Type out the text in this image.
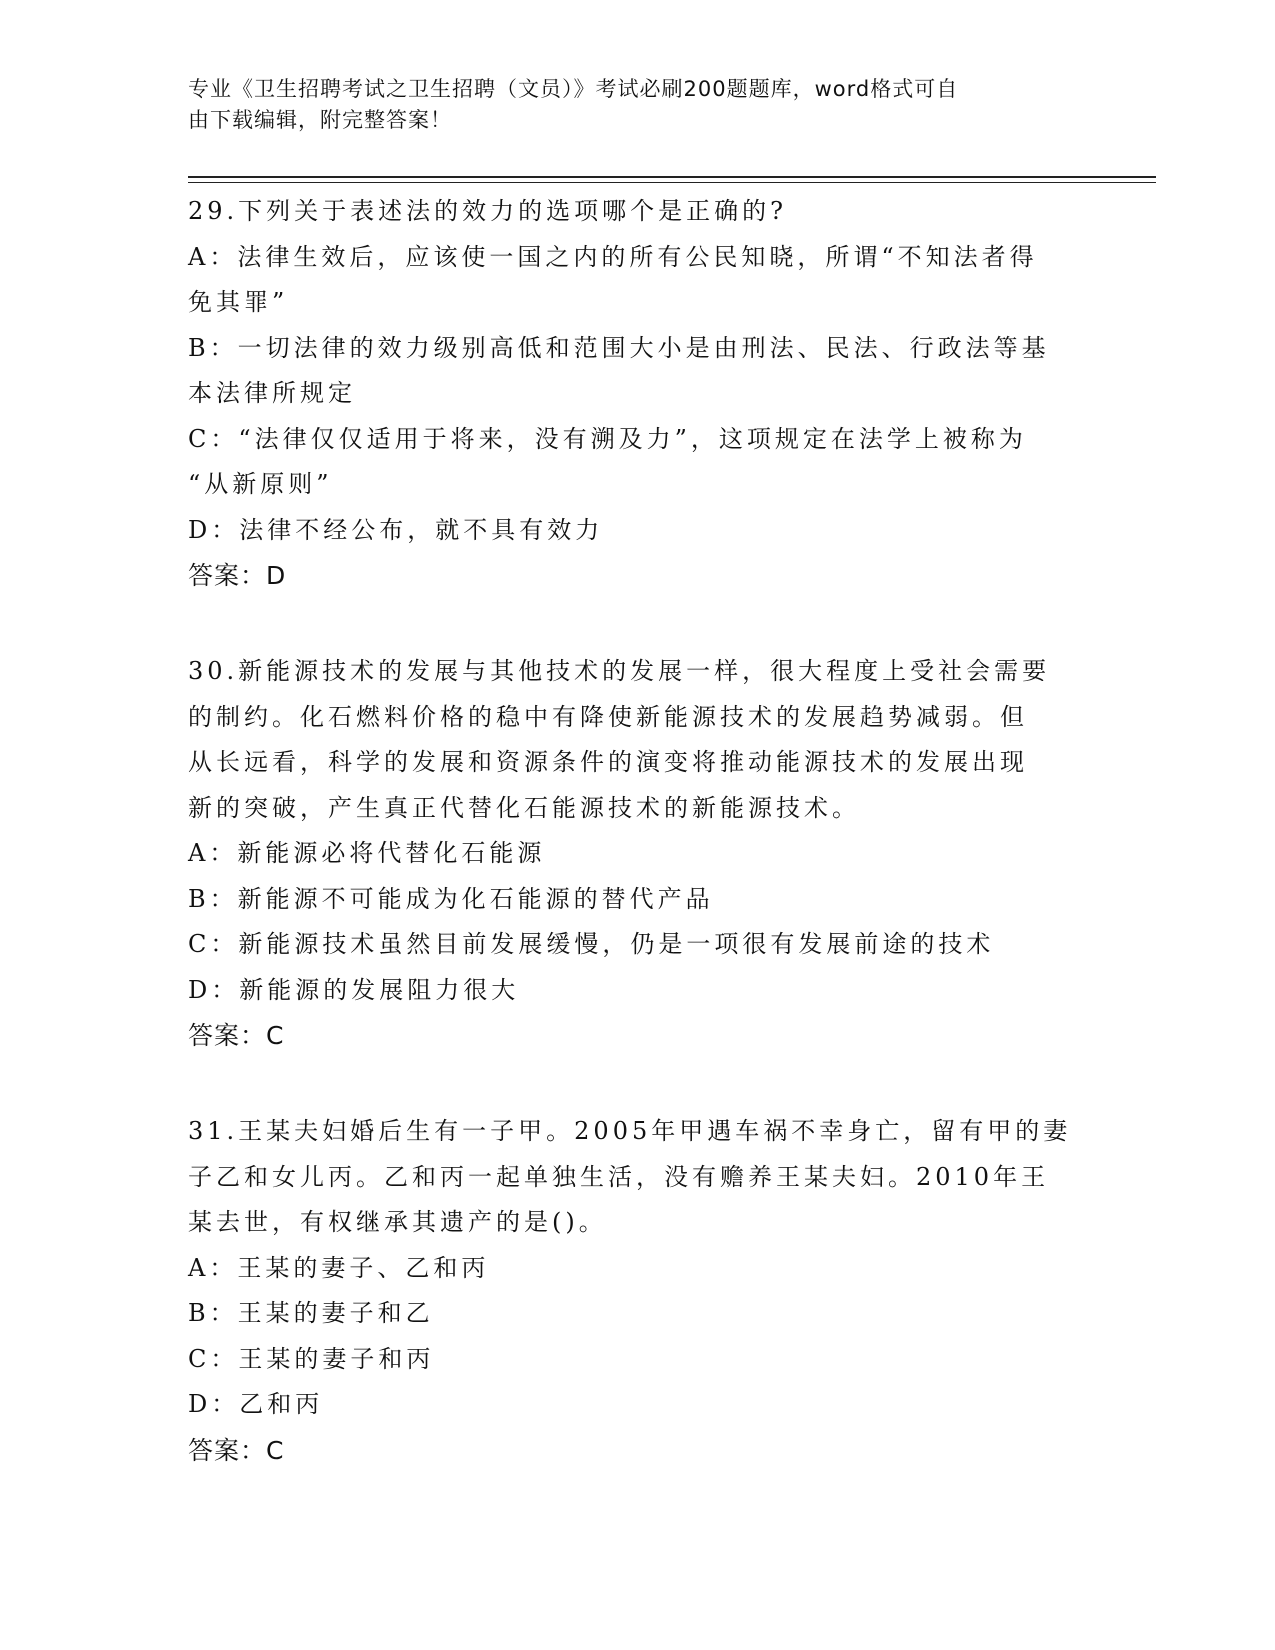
专业《卫生招聘考试之卫生招聘（文员）》考试必刷200题题库，word格式可自
由下载编辑，附完整答案！

29.下列关于表述法的效力的选项哪个是正确的?

A：法律生效后，应该使一国之内的所有公民知晓，所谓“不知法者得

免其罪”

B：一切法律的效力级别高低和范围大小是由刑法、民法、行政法等基

本法律所规定

C：“法律仅仅适用于将来，没有溯及力”，这项规定在法学上被称为

“从新原则”

D：法律不经公布，就不具有效力

答案：D

30.新能源技术的发展与其他技术的发展一样，很大程度上受社会需要

的制约。化石燃料价格的稳中有降使新能源技术的发展趋势减弱。但

从长远看，科学的发展和资源条件的演变将推动能源技术的发展出现

新的突破，产生真正代替化石能源技术的新能源技术。

A：新能源必将代替化石能源

B：新能源不可能成为化石能源的替代产品

C：新能源技术虽然目前发展缓慢，仍是一项很有发展前途的技术

D：新能源的发展阻力很大

答案：C

31.王某夫妇婚后生有一子甲。2005年甲遇车祸不幸身亡，留有甲的妻

子乙和女儿丙。乙和丙一起单独生活，没有赡养王某夫妇。2010年王

某去世，有权继承其遗产的是()。

A：王某的妻子、乙和丙

B：王某的妻子和乙

C：王某的妻子和丙

D：乙和丙

答案：C
